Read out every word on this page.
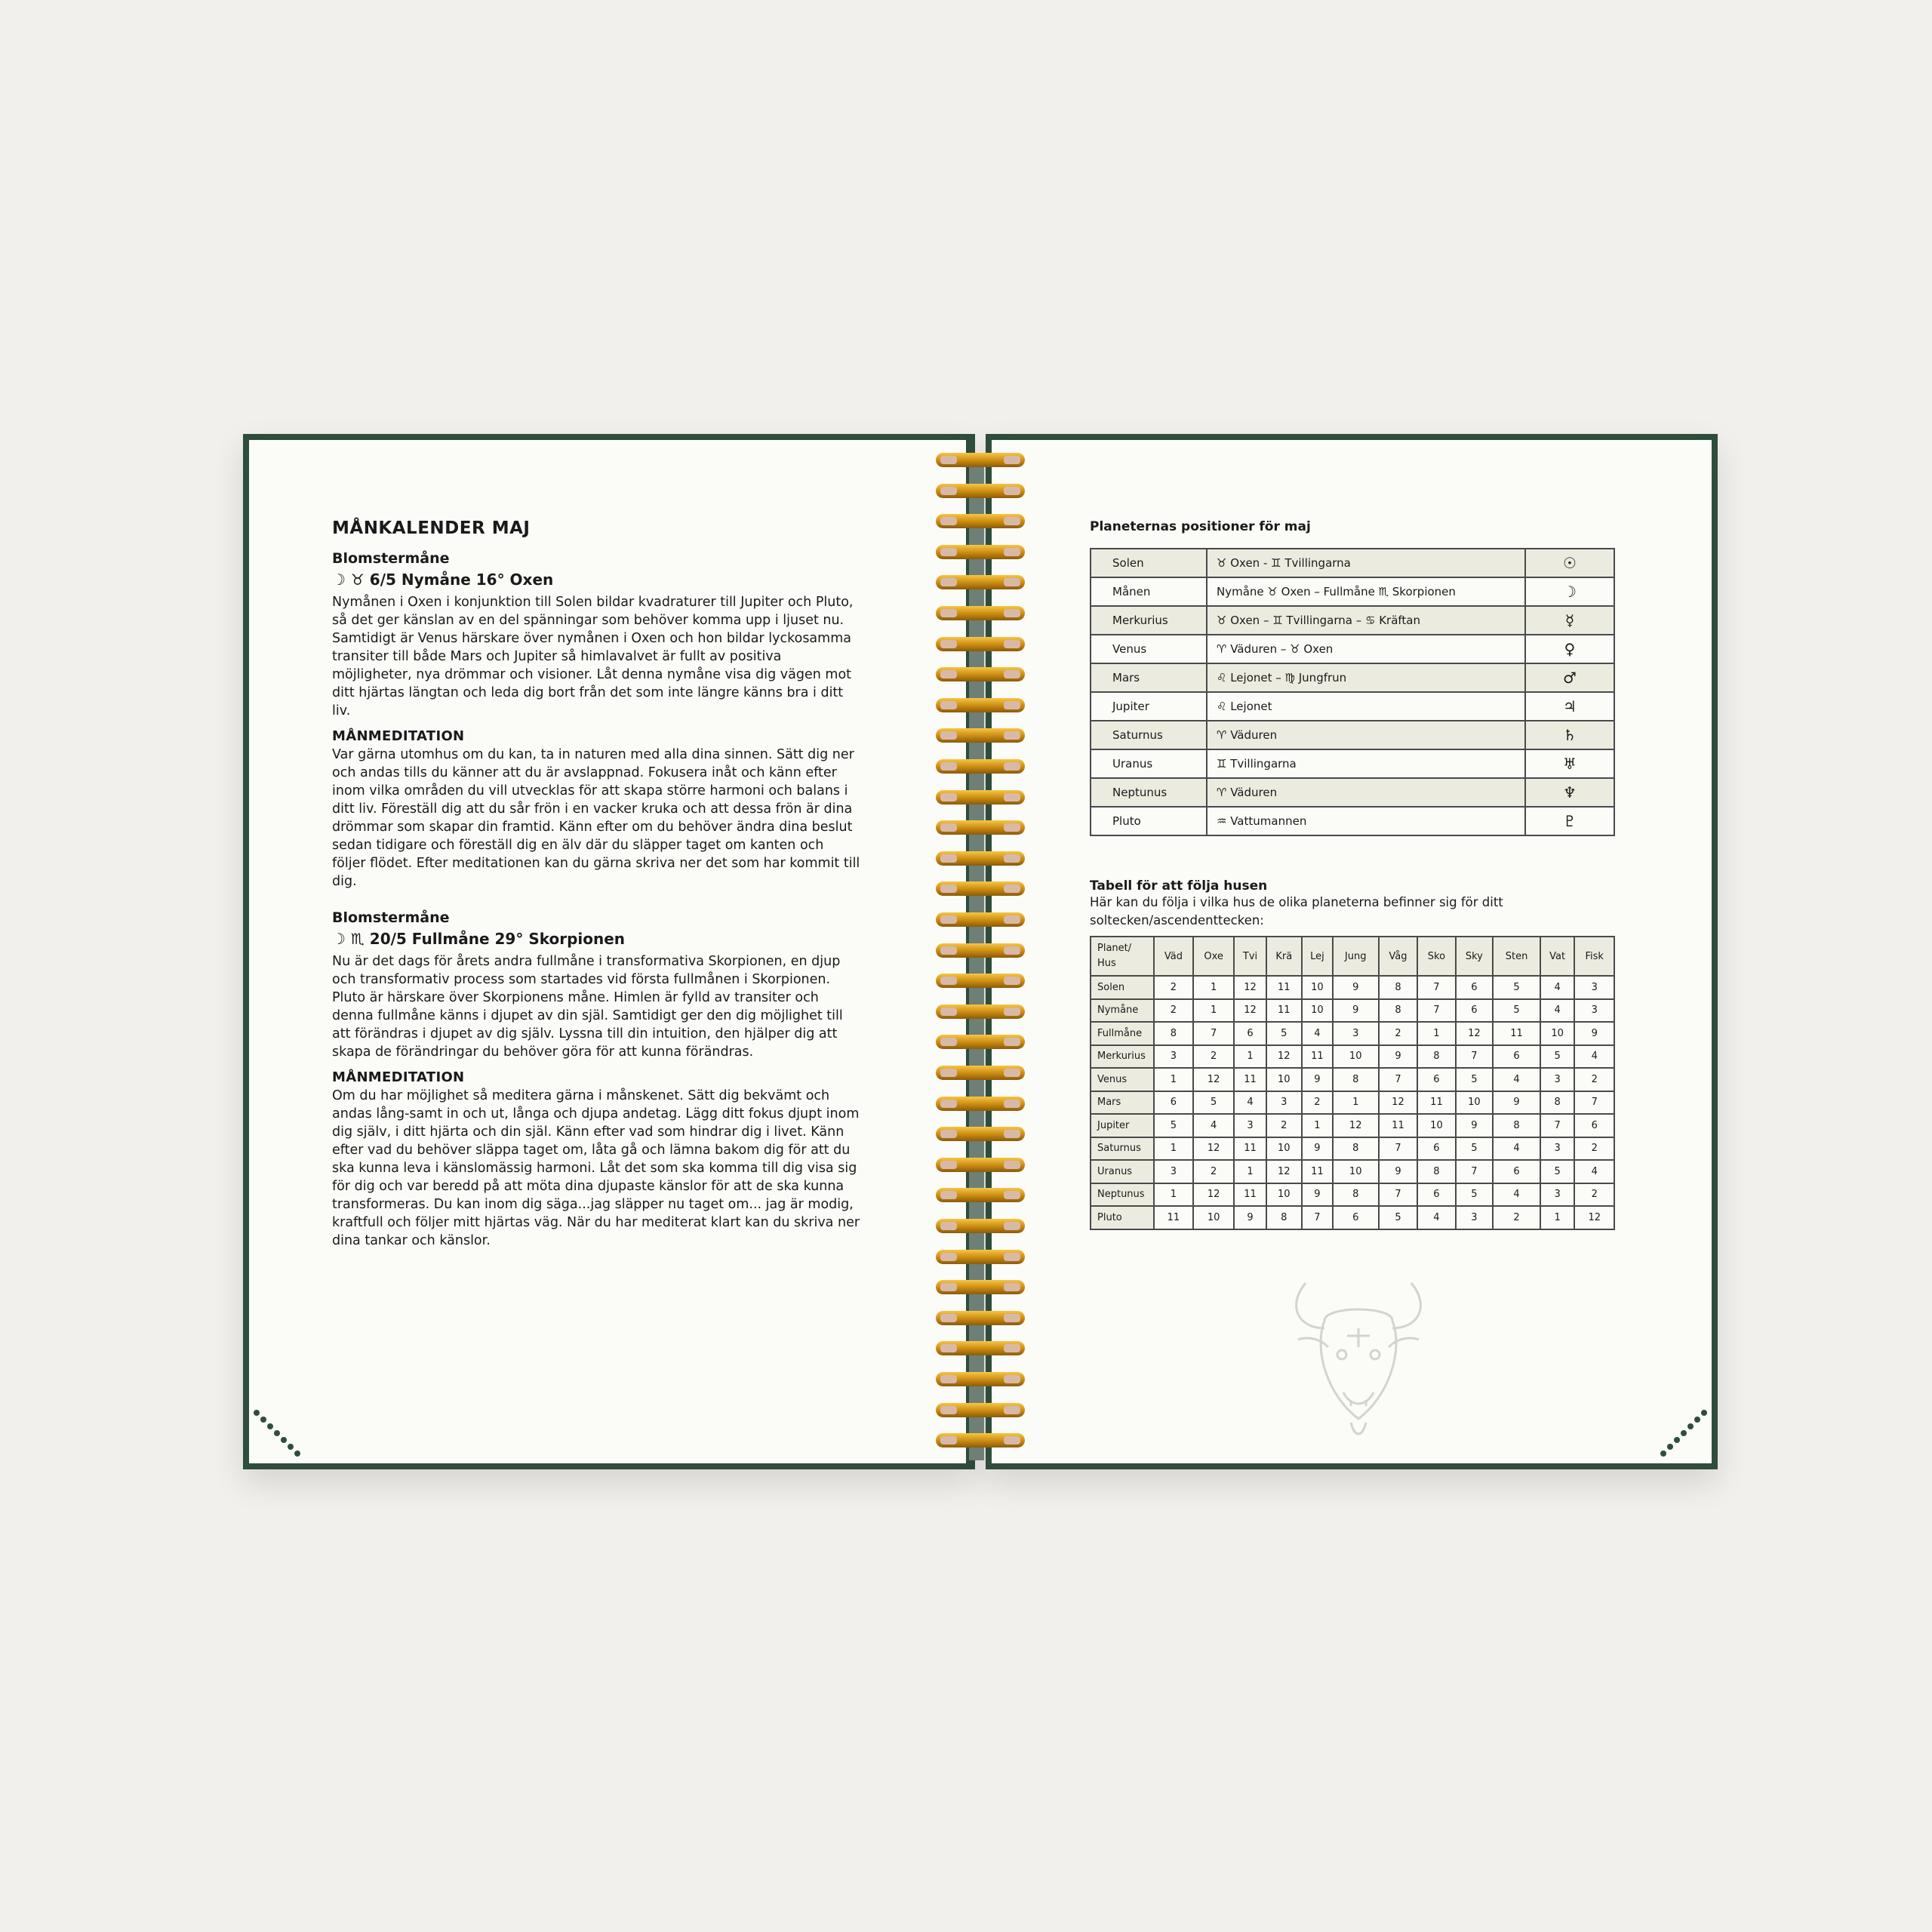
MÅNKALENDER MAJ
Blomstermåne
☽ ♉ 6/5 Nymåne 16° Oxen

Nymånen i Oxen i konjunktion till Solen bildar kvadraturer till Jupiter och Pluto, så det ger känslan av en del spänningar som behöver komma upp i ljuset nu. Samtidigt är Venus härskare över nymånen i Oxen och hon bildar lyckosamma transiter till både Mars och Jupiter så himlavalvet är fullt av positiva möjligheter, nya drömmar och visioner. Låt denna nymåne visa dig vägen mot ditt hjärtas längtan och leda dig bort från det som inte längre känns bra i ditt liv.

MÅNMEDITATION

Var gärna utomhus om du kan, ta in naturen med alla dina sinnen. Sätt dig ner och andas tills du känner att du är avslappnad. Fokusera inåt och känn efter inom vilka områden du vill utvecklas för att skapa större harmoni och balans i ditt liv. Föreställ dig att du sår frön i en vacker kruka och att dessa frön är dina drömmar som skapar din framtid. Känn efter om du behöver ändra dina beslut sedan tidigare och föreställ dig en älv där du släpper taget om kanten och följer flödet. Efter meditationen kan du gärna skriva ner det som har kommit till dig.

Blomstermåne
☽ ♏ 20/5 Fullmåne 29° Skorpionen

Nu är det dags för årets andra fullmåne i transformativa Skorpionen, en djup och transformativ process som startades vid första fullmånen i Skorpionen. Pluto är härskare över Skorpionens måne. Himlen är fylld av transiter och denna fullmåne känns i djupet av din själ. Samtidigt ger den dig möjlighet till att förändras i djupet av dig själv. Lyssna till din intuition, den hjälper dig att skapa de förändringar du behöver göra för att kunna förändras.

MÅNMEDITATION

Om du har möjlighet så meditera gärna i månskenet. Sätt dig bekvämt och andas lång-samt in och ut, långa och djupa andetag. Lägg ditt fokus djupt inom dig själv, i ditt hjärta och din själ. Känn efter vad som hindrar dig i livet. Känn efter vad du behöver släppa taget om, låta gå och lämna bakom dig för att du ska kunna leva i känslomässig harmoni. Låt det som ska komma till dig visa sig för dig och var beredd på att möta dina djupaste känslor för att de ska kunna transformeras. Du kan inom dig säga...jag släpper nu taget om... jag är modig, kraftfull och följer mitt hjärtas väg. När du har mediterat klart kan du skriva ner dina tankar och känslor.

Planeternas positioner för maj
Solen	♉ Oxen - ♊ Tvillingarna	☉
Månen	Nymåne ♉ Oxen – Fullmåne ♏ Skorpionen	☽
Merkurius	♉ Oxen – ♊ Tvillingarna – ♋ Kräftan	☿
Venus	♈ Väduren – ♉ Oxen	♀
Mars	♌ Lejonet – ♍ Jungfrun	♂
Jupiter	♌ Lejonet	♃
Saturnus	♈ Väduren	♄
Uranus	♊ Tvillingarna	♅
Neptunus	♈ Väduren	♆
Pluto	♒ Vattumannen	♇
Tabell för att följa husen
Här kan du följa i vilka hus de olika planeterna befinner sig för ditt soltecken/ascendenttecken:
Planet/
Hus	Väd	Oxe	Tvi	Krä	Lej	Jung	Våg	Sko	Sky	Sten	Vat	Fisk
Solen	2	1	12	11	10	9	8	7	6	5	4	3
Nymåne	2	1	12	11	10	9	8	7	6	5	4	3
Fullmåne	8	7	6	5	4	3	2	1	12	11	10	9
Merkurius	3	2	1	12	11	10	9	8	7	6	5	4
Venus	1	12	11	10	9	8	7	6	5	4	3	2
Mars	6	5	4	3	2	1	12	11	10	9	8	7
Jupiter	5	4	3	2	1	12	11	10	9	8	7	6
Saturnus	1	12	11	10	9	8	7	6	5	4	3	2
Uranus	3	2	1	12	11	10	9	8	7	6	5	4
Neptunus	1	12	11	10	9	8	7	6	5	4	3	2
Pluto	11	10	9	8	7	6	5	4	3	2	1	12
